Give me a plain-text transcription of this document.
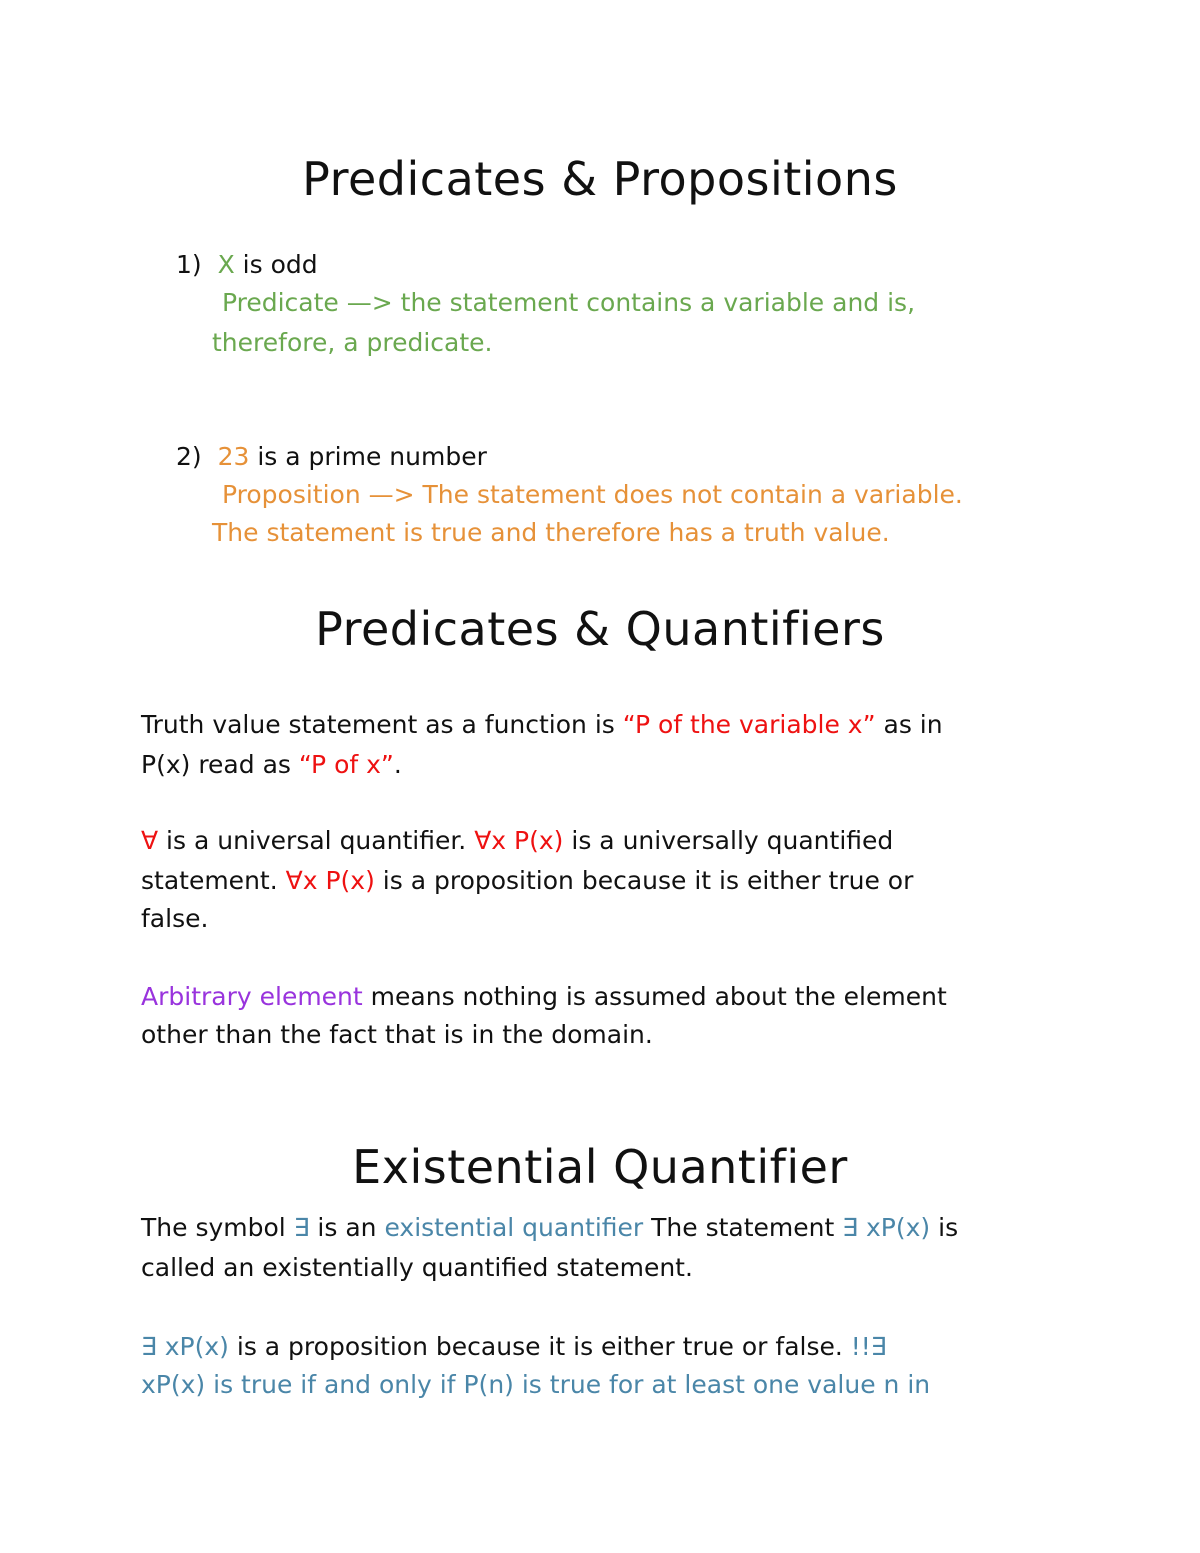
Predicates & Propositions

1) X is odd

Predicate —> the statement contains a variable and is,

therefore, a predicate.

2) 23 is a prime number

Proposition —> The statement does not contain a variable.

The statement is true and therefore has a truth value.

Predicates & Quantifiers

Truth value statement as a function is “P of the variable x” as in

P(x) read as “P of x”.

∀ is a universal quantifier. ∀x P(x) is a universally quantified

statement. ∀x P(x) is a proposition because it is either true or

false.

Arbitrary element means nothing is assumed about the element

other than the fact that is in the domain.

Existential Quantifier

The symbol ∃ is an existential quantifier The statement ∃ xP(x) is

called an existentially quantified statement.

∃ xP(x) is a proposition because it is either true or false. !!∃

xP(x) is true if and only if P(n) is true for at least one value n in
